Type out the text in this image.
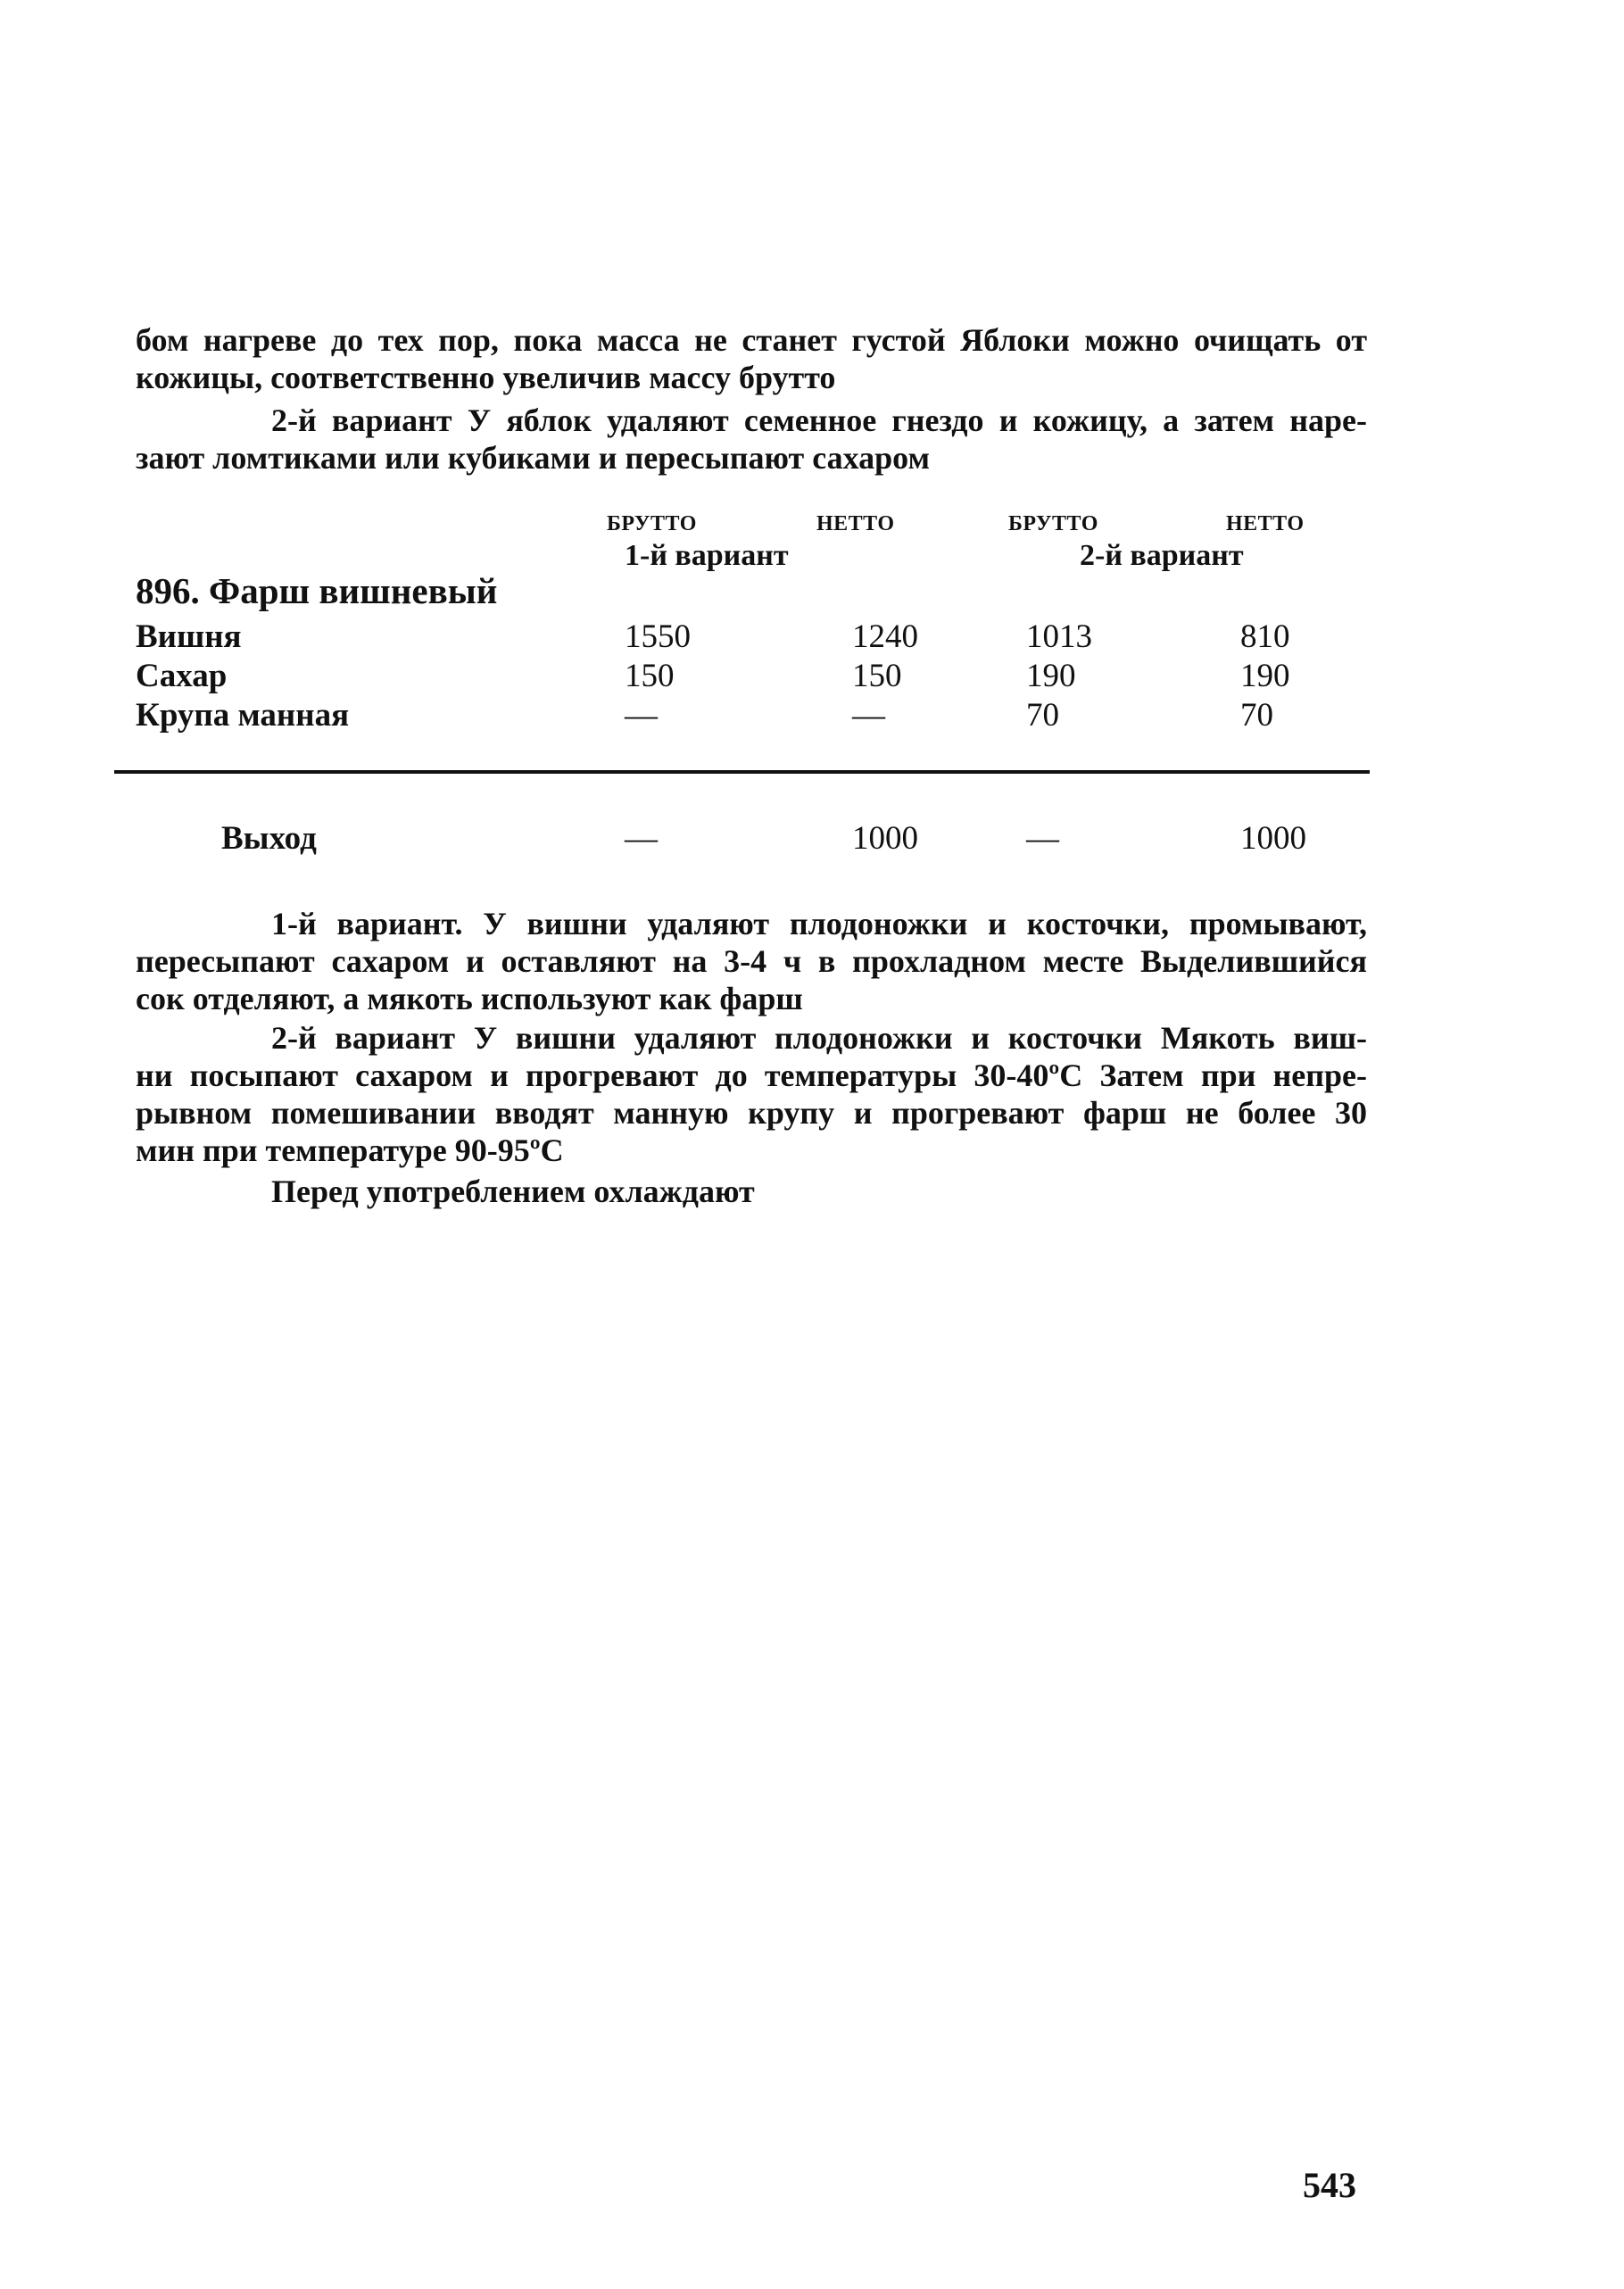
бом нагреве до тех пор, пока масса не станет густой Яблоки можно очищать от
кожицы, соответственно увеличив массу брутто
2-й вариант У яблок удаляют семенное гнездо и кожицу, а затем наре-
зают ломтиками или кубиками и пересыпают сахаром
БРУТТО	НЕТТО	БРУТТО	НЕТТО
1-й вариант	2-й вариант
896. Фарш вишневый
Вишня	1550	1240	1013	810
Сахар	150	150	190	190
Крупа манная	—	—	70	70
Выход	—	1000	—	1000
1-й вариант. У вишни удаляют плодоножки и косточки, промывают,
пересыпают сахаром и оставляют на 3-4 ч в прохладном месте Выделившийся
сок отделяют, а мякоть используют как фарш
2-й вариант У вишни удаляют плодоножки и косточки Мякоть виш-
ни посыпают сахаром и прогревают до температуры 30-40ºС Затем при непре-
рывном помешивании вводят манную крупу и прогревают фарш не более 30
мин при температуре 90-95ºС
Перед употреблением охлаждают
543
